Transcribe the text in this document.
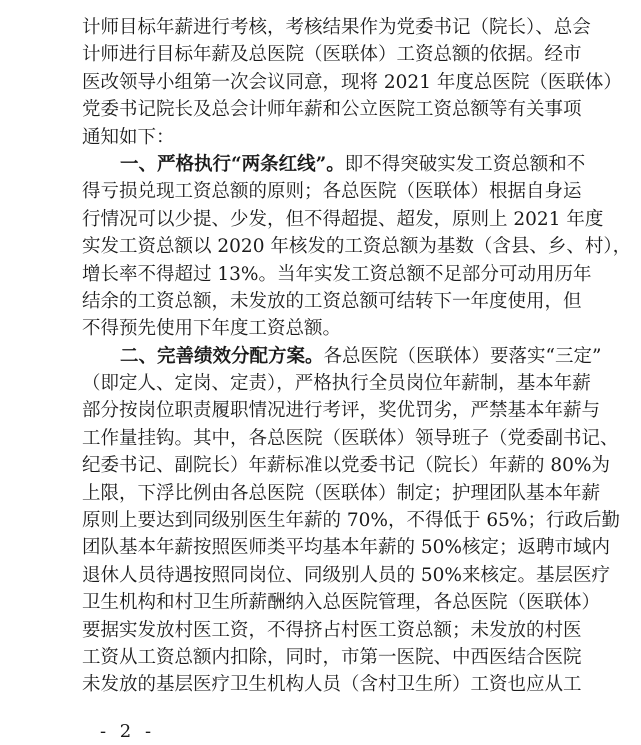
计师目标年薪进行考核，考核结果作为党委书记（院长）、总会
计师进行目标年薪及总医院（医联体）工资总额的依据。经市
医改领导小组第一次会议同意，现将 2021 年度总医院（医联体）
党委书记院长及总会计师年薪和公立医院工资总额等有关事项
通知如下：
一、严格执行“两条红线”。即不得突破实发工资总额和不
得亏损兑现工资总额的原则；各总医院（医联体）根据自身运
行情况可以少提、少发，但不得超提、超发，原则上 2021 年度
实发工资总额以 2020 年核发的工资总额为基数（含县、乡、村），
增长率不得超过 13%。当年实发工资总额不足部分可动用历年
结余的工资总额，未发放的工资总额可结转下一年度使用，但
不得预先使用下年度工资总额。
二、完善绩效分配方案。各总医院（医联体）要落实“三定”
（即定人、定岗、定责），严格执行全员岗位年薪制，基本年薪
部分按岗位职责履职情况进行考评，奖优罚劣，严禁基本年薪与
工作量挂钩。其中，各总医院（医联体）领导班子（党委副书记、
纪委书记、副院长）年薪标准以党委书记（院长）年薪的 80%为
上限，下浮比例由各总医院（医联体）制定；护理团队基本年薪
原则上要达到同级别医生年薪的 70%，不得低于 65%；行政后勤
团队基本年薪按照医师类平均基本年薪的 50%核定；返聘市域内
退休人员待遇按照同岗位、同级别人员的 50%来核定。基层医疗
卫生机构和村卫生所薪酬纳入总医院管理，各总医院（医联体）
要据实发放村医工资，不得挤占村医工资总额；未发放的村医
工资从工资总额内扣除，同时，市第一医院、中西医结合医院
未发放的基层医疗卫生机构人员（含村卫生所）工资也应从工
- 2 -
